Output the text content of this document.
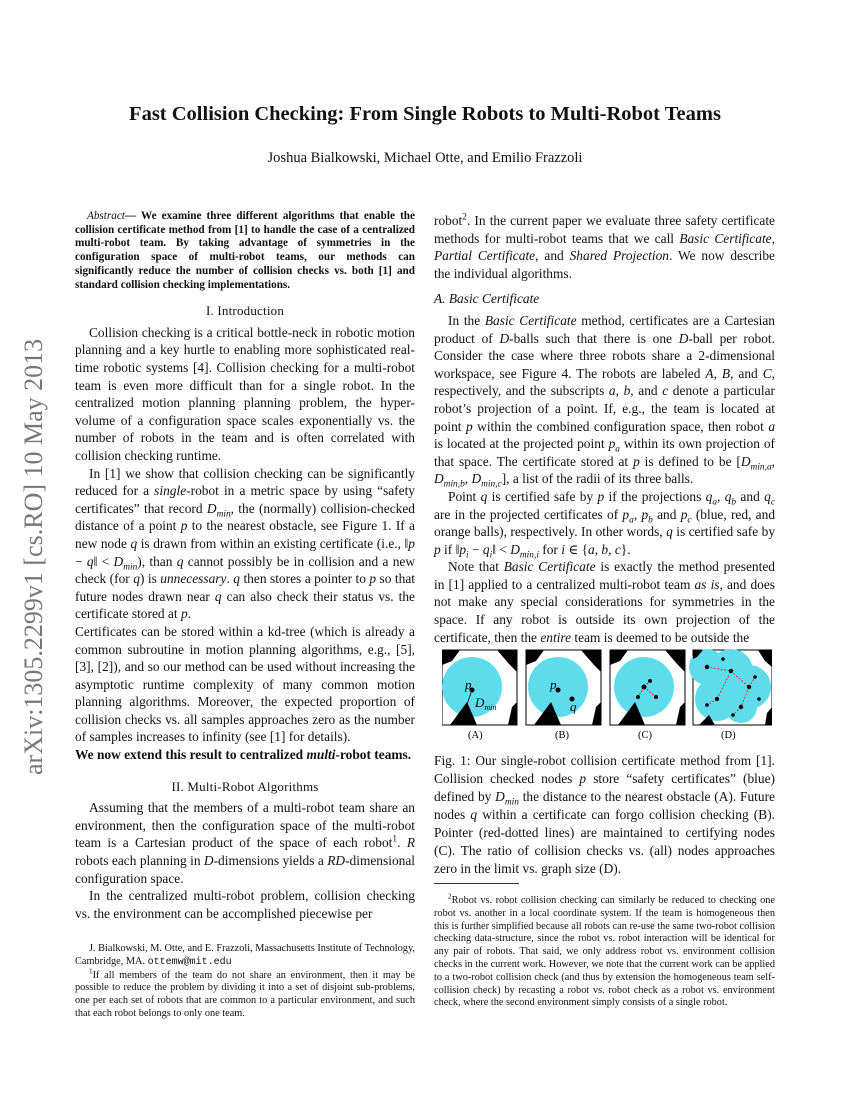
arXiv:1305.2299v1 [cs.RO] 10 May 2013
Fast Collision Checking: From Single Robots to Multi-Robot Teams
Joshua Bialkowski, Michael Otte, and Emilio Frazzoli

Abstract— We examine three different algorithms that enable the collision certificate method from [1] to handle the case of a centralized multi-robot team. By taking advantage of symmetries in the configuration space of multi-robot teams, our methods can significantly reduce the number of collision checks vs. both [1] and standard collision checking implementations.

I. Introduction

Collision checking is a critical bottle-neck in robotic motion planning and a key hurtle to enabling more sophisticated real-time robotic systems [4]. Collision checking for a multi-robot team is even more difficult than for a single robot. In the centralized motion planning planning problem, the hyper-volume of a configuration space scales exponentially vs. the number of robots in the team and is often correlated with collision checking runtime.

In [1] we show that collision checking can be significantly reduced for a single-robot in a metric space by using “safety certificates” that record $D_{min}$, the (normally) collision-checked distance of a point p to the nearest obstacle, see Figure 1. If a new node q is drawn from within an existing certificate (i.e., ‖p − q‖ < $D_{min}$), than q cannot possibly be in collision and a new check (for q) is unnecessary. q then stores a pointer to p so that future nodes drawn near q can also check their status vs. the certificate stored at p.

Certificates can be stored within a kd-tree (which is already a common subroutine in motion planning algorithms, e.g., [5], [3], [2]), and so our method can be used without increasing the asymptotic runtime complexity of many common motion planning algorithms. Moreover, the expected proportion of collision checks vs. all samples approaches zero as the number of samples increases to infinity (see [1] for details).

We now extend this result to centralized multi-robot teams.

II. Multi-Robot Algorithms

Assuming that the members of a multi-robot team share an environment, then the configuration space of the multi-robot team is a Cartesian product of the space of each robot$^1$. R robots each planning in D-dimensions yields a RD-dimensional configuration space.

In the centralized multi-robot problem, collision checking vs. the environment can be accomplished piecewise per

robot$^2$. In the current paper we evaluate three safety certificate methods for multi-robot teams that we call Basic Certificate, Partial Certificate, and Shared Projection. We now describe the individual algorithms.

A. Basic Certificate

In the Basic Certificate method, certificates are a Cartesian product of D-balls such that there is one D-ball per robot. Consider the case where three robots share a 2-dimensional workspace, see Figure 4. The robots are labeled A, B, and C, respectively, and the subscripts a, b, and c denote a particular robot’s projection of a point. If, e.g., the team is located at point p within the combined configuration space, then robot a is located at the projected point $p_a$ within its own projection of that space. The certificate stored at p is defined to be [$D_{min,a}$, $D_{min,b}$, $D_{min,c}$], a list of the radii of its three balls.

Point q is certified safe by p if the projections $q_a$, $q_b$ and $q_c$ are in the projected certificates of $p_a$, $p_b$ and $p_c$ (blue, red, and orange balls), respectively. In other words, q is certified safe by p if $‖p_i$ − $q_i‖ < D_{min,i}$ for i ∈ {a, b, c}.

Note that Basic Certificate is exactly the method presented in [1] applied to a centralized multi-robot team as is, and does not make any special considerations for symmetries in the space. If any robot is outside its own projection of the certificate, then the entire team is deemed to be outside the

p
$D_{min}$
(A)
p
q
(B)	(C)	(D)

Fig. 1: Our single-robot collision certificate method from [1]. Collision checked nodes p store “safety certificates” (blue) defined by $D_{min}$ the distance to the nearest obstacle (A). Future nodes q within a certificate can forgo collision checking (B). Pointer (red-dotted lines) are maintained to certifying nodes (C). The ratio of collision checks vs. (all) nodes approaches zero in the limit vs. graph size (D).

$^2$Robot vs. robot collision checking can similarly be reduced to checking one robot vs. another in a local coordinate system. If the team is homogeneous then this is further simplified because all robots can re-use the same two-robot collision checking data-structure, since the robot vs. robot interaction will be identical for any pair of robots. That said, we only address robot vs. environment collision checks in the current work. However, we note that the current work can be applied to a two-robot collision check (and thus by extension the homogeneous team self-collision check) by recasting a robot vs. robot check as a robot vs. environment check, where the second environment simply consists of a single robot.

J. Bialkowski, M. Otte, and E. Frazzoli, Massachusetts Institute of Technology, Cambridge, MA. ottemw@mit.edu

$^1$If all members of the team do not share an environment, then it may be possible to reduce the problem by dividing it into a set of disjoint sub-problems, one per each set of robots that are common to a particular environment, and such that each robot belongs to only one team.
